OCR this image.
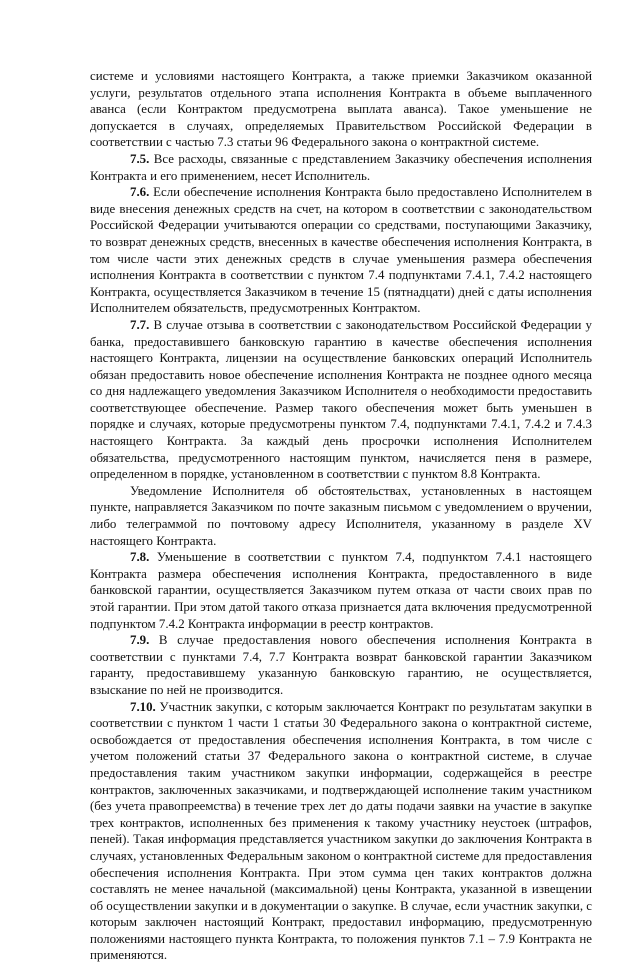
системе и условиями настоящего Контракта, а также приемки Заказчиком оказанной услуги, результатов отдельного этапа исполнения Контракта в объеме выплаченного аванса (если Контрактом предусмотрена выплата аванса). Такое уменьшение не допускается в случаях, определяемых Правительством Российской Федерации в соответствии с частью 7.3 статьи 96 Федерального закона о контрактной системе.

7.5. Все расходы, связанные с представлением Заказчику обеспечения исполнения Контракта и его применением, несет Исполнитель.

7.6. Если обеспечение исполнения Контракта было предоставлено Исполнителем в виде внесения денежных средств на счет, на котором в соответствии с законодательством Российской Федерации учитываются операции со средствами, поступающими Заказчику, то возврат денежных средств, внесенных в качестве обеспечения исполнения Контракта, в том числе части этих денежных средств в случае уменьшения размера обеспечения исполнения Контракта в соответствии с пунктом 7.4 подпунктами 7.4.1, 7.4.2 настоящего Контракта, осуществляется Заказчиком в течение 15 (пятнадцати) дней с даты исполнения Исполнителем обязательств, предусмотренных Контрактом.

7.7. В случае отзыва в соответствии с законодательством Российской Федерации у банка, предоставившего банковскую гарантию в качестве обеспечения исполнения настоящего Контракта, лицензии на осуществление банковских операций Исполнитель обязан предоставить новое обеспечение исполнения Контракта не позднее одного месяца со дня надлежащего уведомления Заказчиком Исполнителя о необходимости предоставить соответствующее обеспечение. Размер такого обеспечения может быть уменьшен в порядке и случаях, которые предусмотрены пунктом 7.4, подпунктами 7.4.1, 7.4.2 и 7.4.3 настоящего Контракта. За каждый день просрочки исполнения Исполнителем обязательства, предусмотренного настоящим пунктом, начисляется пеня в размере, определенном в порядке, установленном в соответствии с пунктом 8.8 Контракта.

Уведомление Исполнителя об обстоятельствах, установленных в настоящем пункте, направляется Заказчиком по почте заказным письмом с уведомлением о вручении, либо телеграммой по почтовому адресу Исполнителя, указанному в разделе XV настоящего Контракта.

7.8. Уменьшение в соответствии с пунктом 7.4, подпунктом 7.4.1 настоящего Контракта размера обеспечения исполнения Контракта, предоставленного в виде банковской гарантии, осуществляется Заказчиком путем отказа от части своих прав по этой гарантии. При этом датой такого отказа признается дата включения предусмотренной подпунктом 7.4.2 Контракта информации в реестр контрактов.

7.9. В случае предоставления нового обеспечения исполнения Контракта в соответствии с пунктами 7.4, 7.7 Контракта возврат банковской гарантии Заказчиком гаранту, предоставившему указанную банковскую гарантию, не осуществляется, взыскание по ней не производится.

7.10. Участник закупки, с которым заключается Контракт по результатам закупки в соответствии с пунктом 1 части 1 статьи 30 Федерального закона о контрактной системе, освобождается от предоставления обеспечения исполнения Контракта, в том числе с учетом положений статьи 37 Федерального закона о контрактной системе, в случае предоставления таким участником закупки информации, содержащейся в реестре контрактов, заключенных заказчиками, и подтверждающей исполнение таким участником (без учета правопреемства) в течение трех лет до даты подачи заявки на участие в закупке трех контрактов, исполненных без применения к такому участнику неустоек (штрафов, пеней). Такая информация представляется участником закупки до заключения Контракта в случаях, установленных Федеральным законом о контрактной системе для предоставления обеспечения исполнения Контракта. При этом сумма цен таких контрактов должна составлять не менее начальной (максимальной) цены Контракта, указанной в извещении об осуществлении закупки и в документации о закупке. В случае, если участник закупки, с которым заключен настоящий Контракт, предоставил информацию, предусмотренную положениями настоящего пункта Контракта, то положения пунктов 7.1 – 7.9 Контракта не применяются.
